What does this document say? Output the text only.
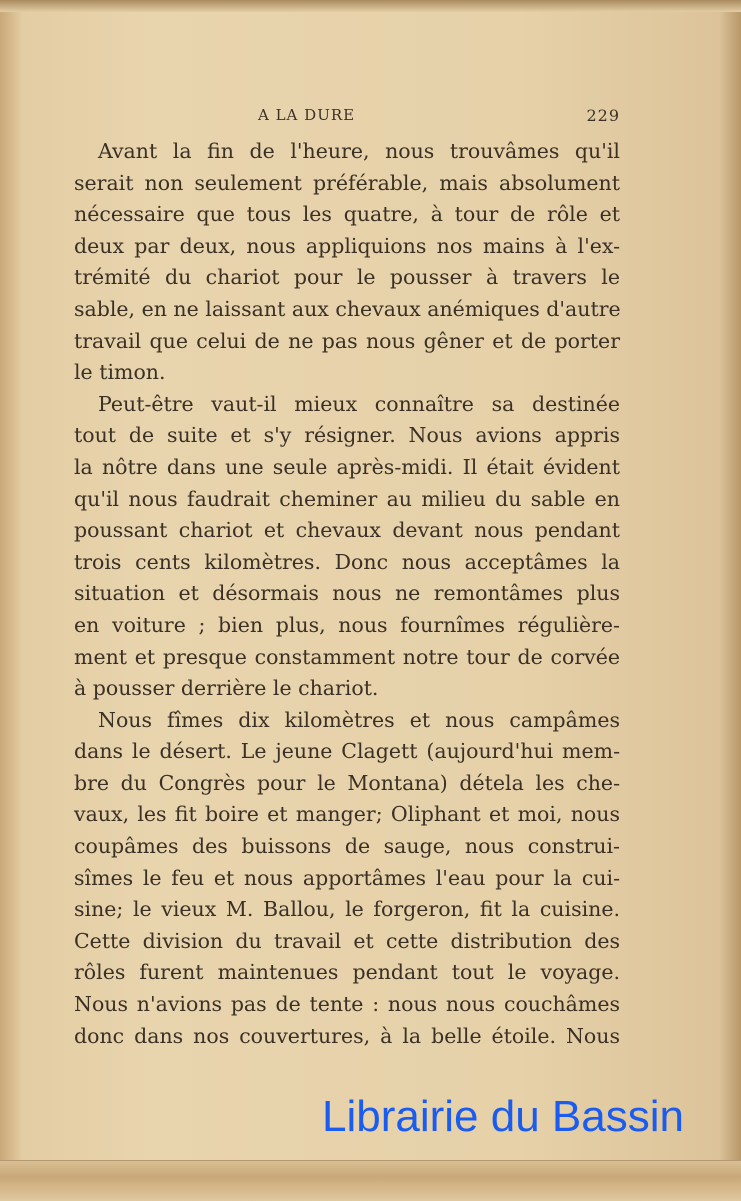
A LA DURE	229
Avant la fin de l'heure, nous trouvâmes qu'il
serait non seulement préférable, mais absolument
nécessaire que tous les quatre, à tour de rôle et
deux par deux, nous appliquions nos mains à l'ex-
trémité du chariot pour le pousser à travers le
sable, en ne laissant aux chevaux anémiques d'autre
travail que celui de ne pas nous gêner et de porter
le timon.
Peut-être vaut-il mieux connaître sa destinée
tout de suite et s'y résigner. Nous avions appris
la nôtre dans une seule après-midi. Il était évident
qu'il nous faudrait cheminer au milieu du sable en
poussant chariot et chevaux devant nous pendant
trois cents kilomètres. Donc nous acceptâmes la
situation et désormais nous ne remontâmes plus
en voiture ; bien plus, nous fournîmes régulière-
ment et presque constamment notre tour de corvée
à pousser derrière le chariot.
Nous fîmes dix kilomètres et nous campâmes
dans le désert. Le jeune Clagett (aujourd'hui mem-
bre du Congrès pour le Montana) dételа les che-
vaux, les fit boire et manger; Oliphant et moi, nous
coupâmes des buissons de sauge, nous construi-
sîmes le feu et nous apportâmes l'eau pour la cui-
sine; le vieux M. Ballou, le forgeron, fit la cuisine.
Cette division du travail et cette distribution des
rôles furent maintenues pendant tout le voyage.
Nous n'avions pas de tente : nous nous couchâmes
donc dans nos couvertures, à la belle étoile. Nous
Librairie du Bassin
